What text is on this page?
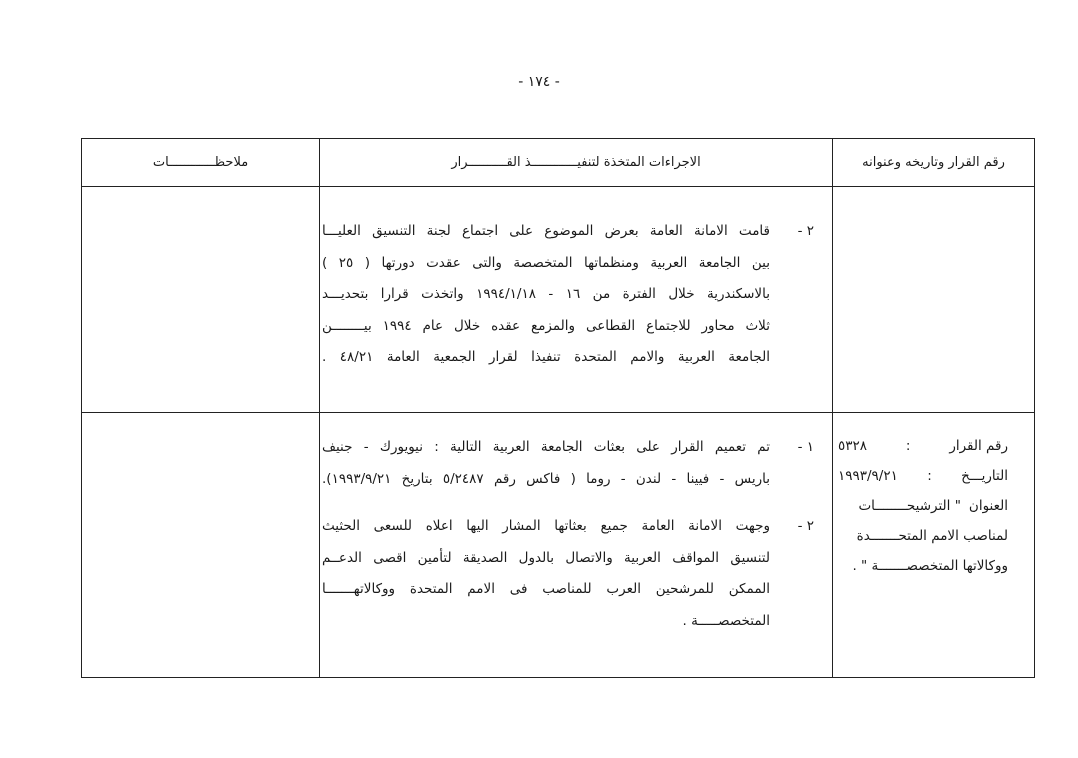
- ١٧٤ -
رقم القرار وتاريخه وعنوانه
الاجراءات المتخذة لتنفيــــــــــــذ القــــــــــرار
ملاحظــــــــــــات
٢ -
قامت الامانة العامة بعرض الموضوع على اجتماع لجنة التنسيق العليـــا
بين الجامعة العربية ومنظماتها المتخصصة والتى عقدت دورتها ( ٢٥ )
بالاسكندرية خلال الفترة من ١٦ - ١٩٩٤/١/١٨ واتخذت قرارا بتحديـــد
ثلاث محاور للاجتماع القطاعى والمزمع عقده خلال عام ١٩٩٤ بيــــــــن
الجامعة العربية والامم المتحدة تنفيذا لقرار الجمعية العامة ٤٨/٢١ .
رقم القرار
:
٥٣٢٨
التاريـــخ
:
١٩٩٣/٩/٢١
العنوان
" الترشيحــــــــات
لمناصب الامم المتحـــــــدة
ووكالاتها المتخصصـــــــة " .
١ -
تم تعميم القرار على بعثات الجامعة العربية التالية : نيويورك - جنيف
باريس - فيينا - لندن - روما ( فاكس رقم ٥/٢٤٨٧ بتاريخ ١٩٩٣/٩/٢١).
٢ -
وجهت الامانة العامة جميع بعثاتها المشار اليها اعلاه للسعى الحثيث
لتنسيق المواقف العربية والاتصال بالدول الصديقة لتأمين اقصى الدعــم
الممكن للمرشحين العرب للمناصب فى الامم المتحدة ووكالاتهـــــــا
المتخصصـــــة .
